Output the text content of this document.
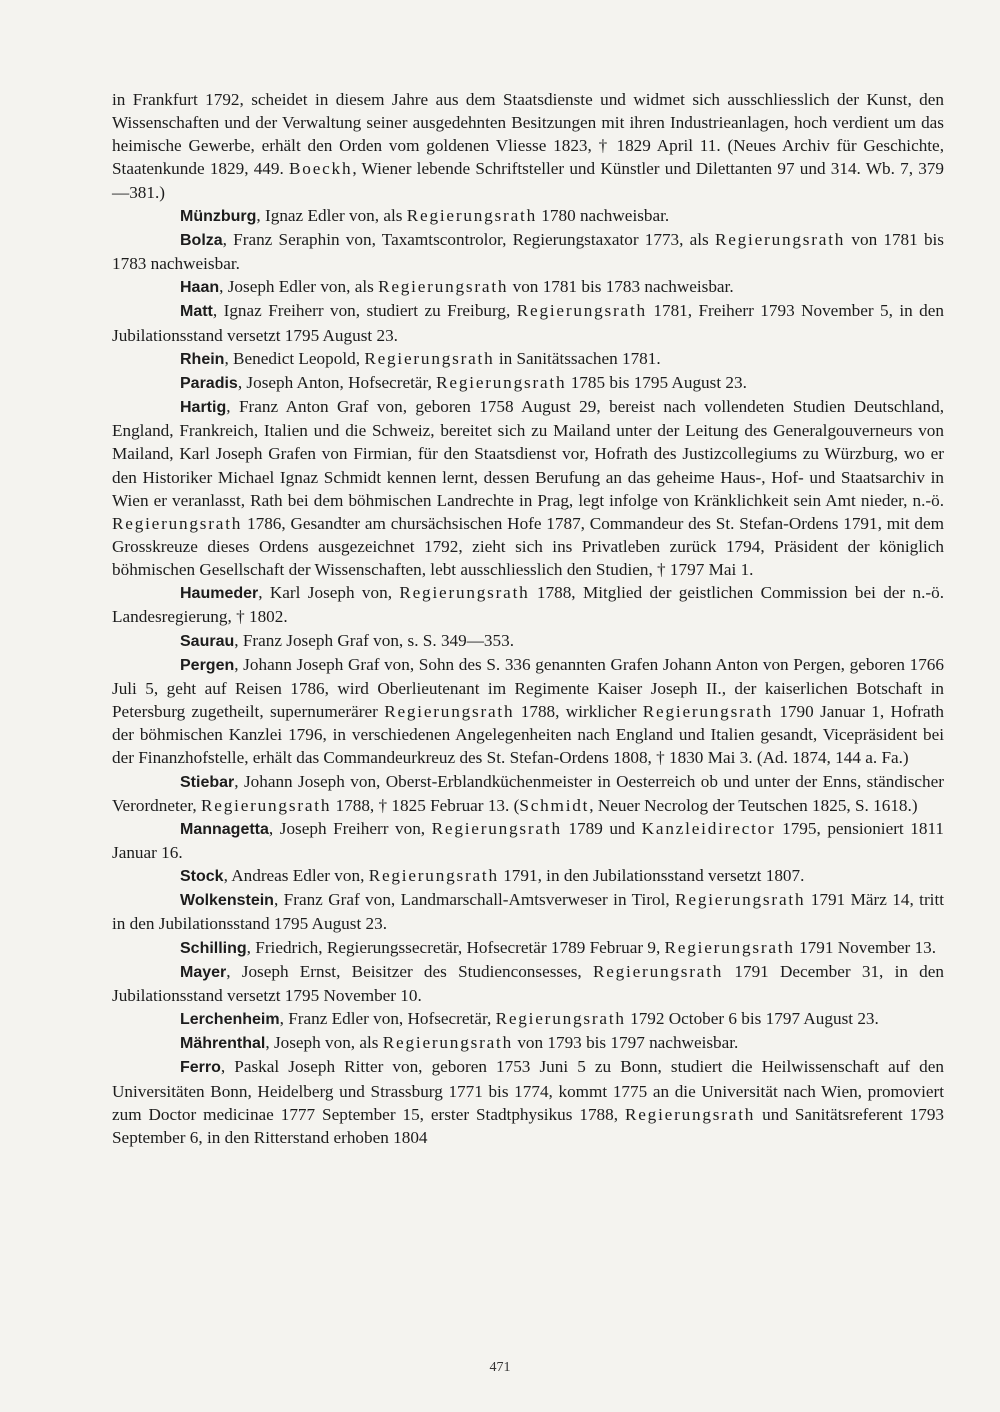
in Frankfurt 1792, scheidet in diesem Jahre aus dem Staatsdienste und widmet sich ausschliesslich der Kunst, den Wissenschaften und der Verwaltung seiner ausgedehnten Besitzungen mit ihren Industrieanlagen, hoch verdient um das heimische Gewerbe, erhält den Orden vom goldenen Vliesse 1823, † 1829 April 11. (Neues Archiv für Geschichte, Staatenkunde 1829, 449. Boeckh, Wiener lebende Schriftsteller und Künstler und Dilettanten 97 und 314. Wb. 7, 379—381.)

Münzburg, Ignaz Edler von, als Regierungsrath 1780 nachweisbar.

Bolza, Franz Seraphin von, Taxamtscontrolor, Regierungstaxator 1773, als Regierungsrath von 1781 bis 1783 nachweisbar.

Haan, Joseph Edler von, als Regierungsrath von 1781 bis 1783 nachweisbar.

Matt, Ignaz Freiherr von, studiert zu Freiburg, Regierungsrath 1781, Freiherr 1793 November 5, in den Jubilationsstand versetzt 1795 August 23.

Rhein, Benedict Leopold, Regierungsrath in Sanitätssachen 1781.

Paradis, Joseph Anton, Hofsecretär, Regierungsrath 1785 bis 1795 August 23.

Hartig, Franz Anton Graf von, geboren 1758 August 29, bereist nach vollendeten Studien Deutschland, England, Frankreich, Italien und die Schweiz, bereitet sich zu Mailand unter der Leitung des Generalgouverneurs von Mailand, Karl Joseph Grafen von Firmian, für den Staatsdienst vor, Hofrath des Justizcollegiums zu Würzburg, wo er den Historiker Michael Ignaz Schmidt kennen lernt, dessen Berufung an das geheime Haus-, Hof- und Staatsarchiv in Wien er veranlasst, Rath bei dem böhmischen Landrechte in Prag, legt infolge von Kränklichkeit sein Amt nieder, n.-ö. Regierungsrath 1786, Gesandter am chursächsischen Hofe 1787, Commandeur des St. Stefan-Ordens 1791, mit dem Grosskreuze dieses Ordens ausgezeichnet 1792, zieht sich ins Privatleben zurück 1794, Präsident der königlich böhmischen Gesellschaft der Wissenschaften, lebt ausschliesslich den Studien, † 1797 Mai 1.

Haumeder, Karl Joseph von, Regierungsrath 1788, Mitglied der geistlichen Commission bei der n.-ö. Landesregierung, † 1802.

Saurau, Franz Joseph Graf von, s. S. 349—353.

Pergen, Johann Joseph Graf von, Sohn des S. 336 genannten Grafen Johann Anton von Pergen, geboren 1766 Juli 5, geht auf Reisen 1786, wird Oberlieutenant im Regimente Kaiser Joseph II., der kaiserlichen Botschaft in Petersburg zugetheilt, supernumerärer Regierungsrath 1788, wirklicher Regierungsrath 1790 Januar 1, Hofrath der böhmischen Kanzlei 1796, in verschiedenen Angelegenheiten nach England und Italien gesandt, Vicepräsident bei der Finanzhofstelle, erhält das Commandeurkreuz des St. Stefan-Ordens 1808, † 1830 Mai 3. (Ad. 1874, 144 a. Fa.)

Stiebar, Johann Joseph von, Oberst-Erblandküchenmeister in Oesterreich ob und unter der Enns, ständischer Verordneter, Regierungsrath 1788, † 1825 Februar 13. (Schmidt, Neuer Necrolog der Teutschen 1825, S. 1618.)

Mannagetta, Joseph Freiherr von, Regierungsrath 1789 und Kanzleidirector 1795, pensioniert 1811 Januar 16.

Stock, Andreas Edler von, Regierungsrath 1791, in den Jubilationsstand versetzt 1807.

Wolkenstein, Franz Graf von, Landmarschall-Amtsverweser in Tirol, Regierungsrath 1791 März 14, tritt in den Jubilationsstand 1795 August 23.

Schilling, Friedrich, Regierungssecretär, Hofsecretär 1789 Februar 9, Regierungsrath 1791 November 13.

Mayer, Joseph Ernst, Beisitzer des Studienconsesses, Regierungsrath 1791 December 31, in den Jubilationsstand versetzt 1795 November 10.

Lerchenheim, Franz Edler von, Hofsecretär, Regierungsrath 1792 October 6 bis 1797 August 23.

Mährenthal, Joseph von, als Regierungsrath von 1793 bis 1797 nachweisbar.

Ferro, Paskal Joseph Ritter von, geboren 1753 Juni 5 zu Bonn, studiert die Heilwissenschaft auf den Universitäten Bonn, Heidelberg und Strassburg 1771 bis 1774, kommt 1775 an die Universität nach Wien, promoviert zum Doctor medicinae 1777 September 15, erster Stadtphysikus 1788, Regierungsrath und Sanitätsreferent 1793 September 6, in den Ritterstand erhoben 1804

471
